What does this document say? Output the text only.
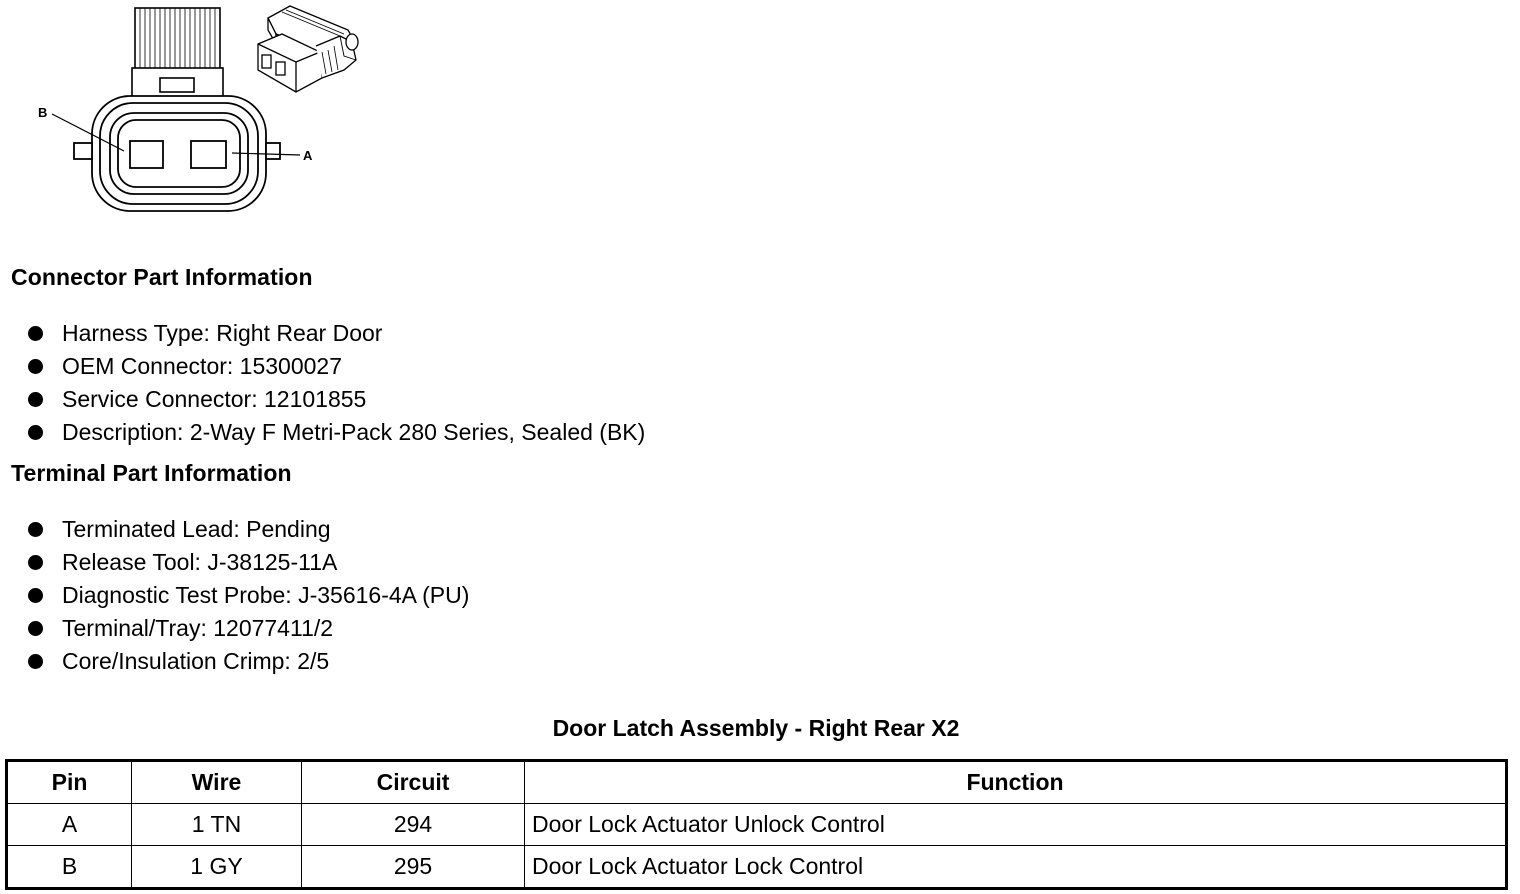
B
A
Connector Part Information
Harness Type: Right Rear Door
OEM Connector: 15300027
Service Connector: 12101855
Description: 2-Way F Metri-Pack 280 Series, Sealed (BK)
Terminal Part Information
Terminated Lead: Pending
Release Tool: J-38125-11A
Diagnostic Test Probe: J-35616-4A (PU)
Terminal/Tray: 12077411/2
Core/Insulation Crimp: 2/5
Door Latch Assembly - Right Rear X2
Pin	Wire	Circuit	Function
A	1 TN	294	Door Lock Actuator Unlock Control
B	1 GY	295	Door Lock Actuator Lock Control
